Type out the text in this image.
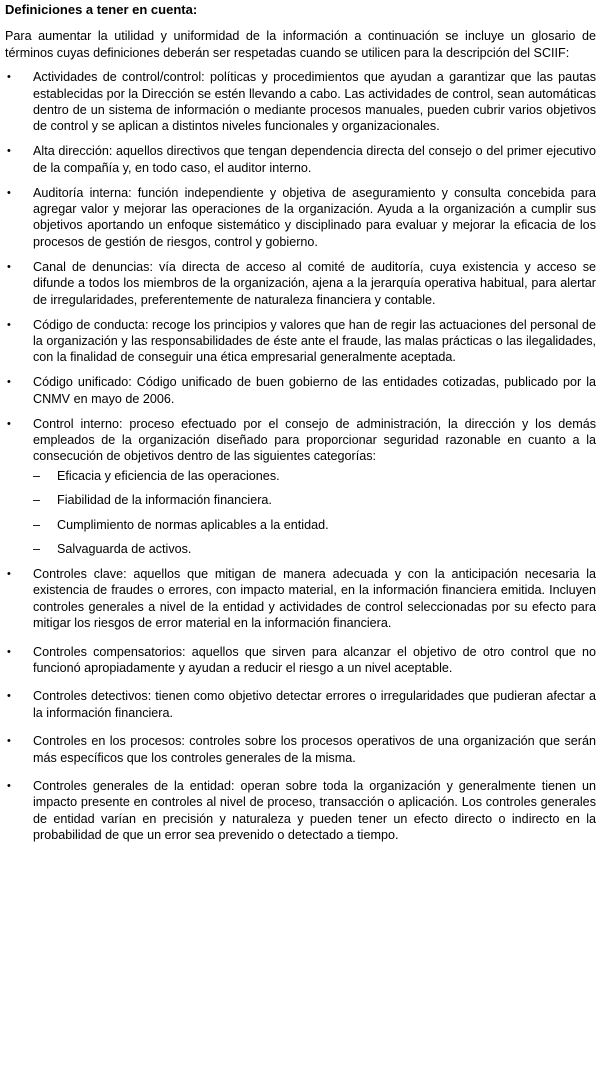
Definiciones a tener en cuenta:
Para aumentar la utilidad y uniformidad de la información a continuación se incluye un glosario de términos cuyas definiciones deberán ser respetadas cuando se utilicen para la descripción del SCIIF:
• Actividades de control/control: políticas y procedimientos que ayudan a garantizar que las pautas establecidas por la Dirección se estén llevando a cabo. Las actividades de control, sean automáticas dentro de un sistema de información o mediante procesos manuales, pueden cubrir varios objetivos de control y se aplican a distintos niveles funcionales y organizacionales.
• Alta dirección: aquellos directivos que tengan dependencia directa del consejo o del primer ejecutivo de la compañía y, en todo caso, el auditor interno.
• Auditoría interna: función independiente y objetiva de aseguramiento y consulta concebida para agregar valor y mejorar las operaciones de la organización. Ayuda a la organización a cumplir sus objetivos aportando un enfoque sistemático y disciplinado para evaluar y mejorar la eficacia de los procesos de gestión de riesgos, control y gobierno.
• Canal de denuncias: vía directa de acceso al comité de auditoría, cuya existencia y acceso se difunde a todos los miembros de la organización, ajena a la jerarquía operativa habitual, para alertar de irregularidades, preferentemente de naturaleza financiera y contable.
• Código de conducta: recoge los principios y valores que han de regir las actuaciones del personal de la organización y las responsabilidades de éste ante el fraude, las malas prácticas o las ilegalidades, con la finalidad de conseguir una ética empresarial generalmente aceptada.
• Código unificado: Código unificado de buen gobierno de las entidades cotizadas, publicado por la CNMV en mayo de 2006.
• Control interno: proceso efectuado por el consejo de administración, la dirección y los demás empleados de la organización diseñado para proporcionar seguridad razonable en cuanto a la consecución de objetivos dentro de las siguientes categorías:
– Eficacia y eficiencia de las operaciones.
– Fiabilidad de la información financiera.
– Cumplimiento de normas aplicables a la entidad.
– Salvaguarda de activos.
• Controles clave: aquellos que mitigan de manera adecuada y con la anticipación necesaria la existencia de fraudes o errores, con impacto material, en la información financiera emitida. Incluyen controles generales a nivel de la entidad y actividades de control seleccionadas por su efecto para mitigar los riesgos de error material en la información financiera.
• Controles compensatorios: aquellos que sirven para alcanzar el objetivo de otro control que no funcionó apropiadamente y ayudan a reducir el riesgo a un nivel aceptable.
• Controles detectivos: tienen como objetivo detectar errores o irregularidades que pudieran afectar a la información financiera.
• Controles en los procesos: controles sobre los procesos operativos de una organización que serán más específicos que los controles generales de la misma.
• Controles generales de la entidad: operan sobre toda la organización y generalmente tienen un impacto presente en controles al nivel de proceso, transacción o aplicación. Los controles generales de entidad varían en precisión y naturaleza y pueden tener un efecto directo o indirecto en la probabilidad de que un error sea prevenido o detectado a tiempo.
